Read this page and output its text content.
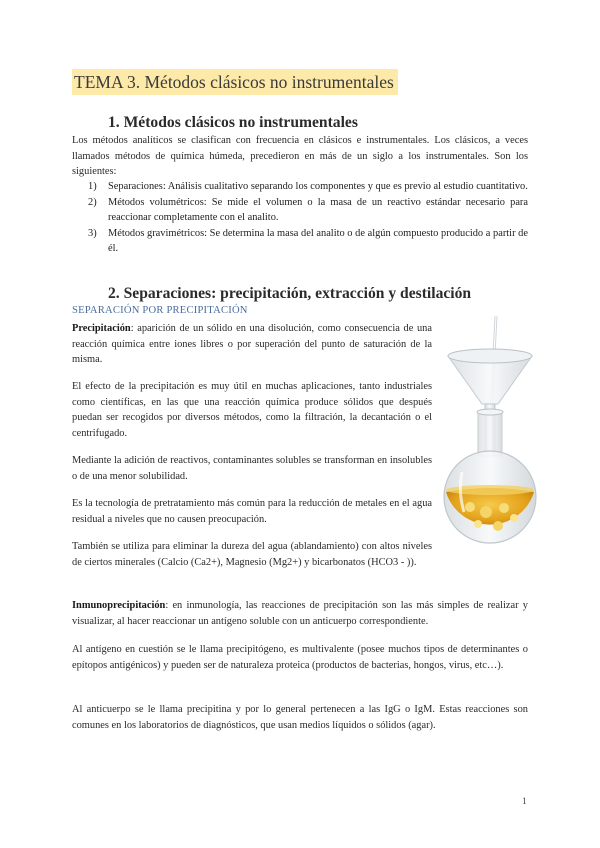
TEMA 3. Métodos clásicos no instrumentales
1. Métodos clásicos no instrumentales
Los métodos analíticos se clasifican con frecuencia en clásicos e instrumentales. Los clásicos, a veces llamados métodos de química húmeda, precedieron en más de un siglo a los instrumentales. Son los siguientes:
1) Separaciones: Análisis cualitativo separando los componentes y que es previo al estudio cuantitativo.
2) Métodos volumétricos: Se mide el volumen o la masa de un reactivo estándar necesario para reaccionar completamente con el analito.
3) Métodos gravimétricos: Se determina la masa del analito o de algún compuesto producido a partir de él.
2. Separaciones: precipitación, extracción y destilación
SEPARACIÓN POR PRECIPITACIÓN
Precipitación: aparición de un sólido en una disolución, como consecuencia de una reacción química entre iones libres o por superación del punto de saturación de la misma.
El efecto de la precipitación es muy útil en muchas aplicaciones, tanto industriales como científicas, en las que una reacción química produce sólidos que después puedan ser recogidos por diversos métodos, como la filtración, la decantación o el centrifugado.
Mediante la adición de reactivos, contaminantes solubles se transforman en insolubles o de una menor solubilidad.
Es la tecnología de pretratamiento más común para la reducción de metales en el agua residual a niveles que no causen preocupación.
También se utiliza para eliminar la dureza del agua (ablandamiento) con altos niveles de ciertos minerales (Calcio (Ca2+), Magnesio (Mg2+) y bicarbonatos (HCO3 - )).
Inmunoprecipitación: en inmunología, las reacciones de precipitación son las más simples de realizar y visualizar, al hacer reaccionar un antígeno soluble con un anticuerpo correspondiente.
Al antígeno en cuestión se le llama precipitógeno, es multivalente (posee muchos tipos de determinantes o epítopos antigénicos) y pueden ser de naturaleza proteica (productos de bacterias, hongos, virus, etc…).
Al anticuerpo se le llama precipitina y por lo general pertenecen a las IgG o IgM. Estas reacciones son comunes en los laboratorios de diagnósticos, que usan medios líquidos o sólidos (agar).
1
